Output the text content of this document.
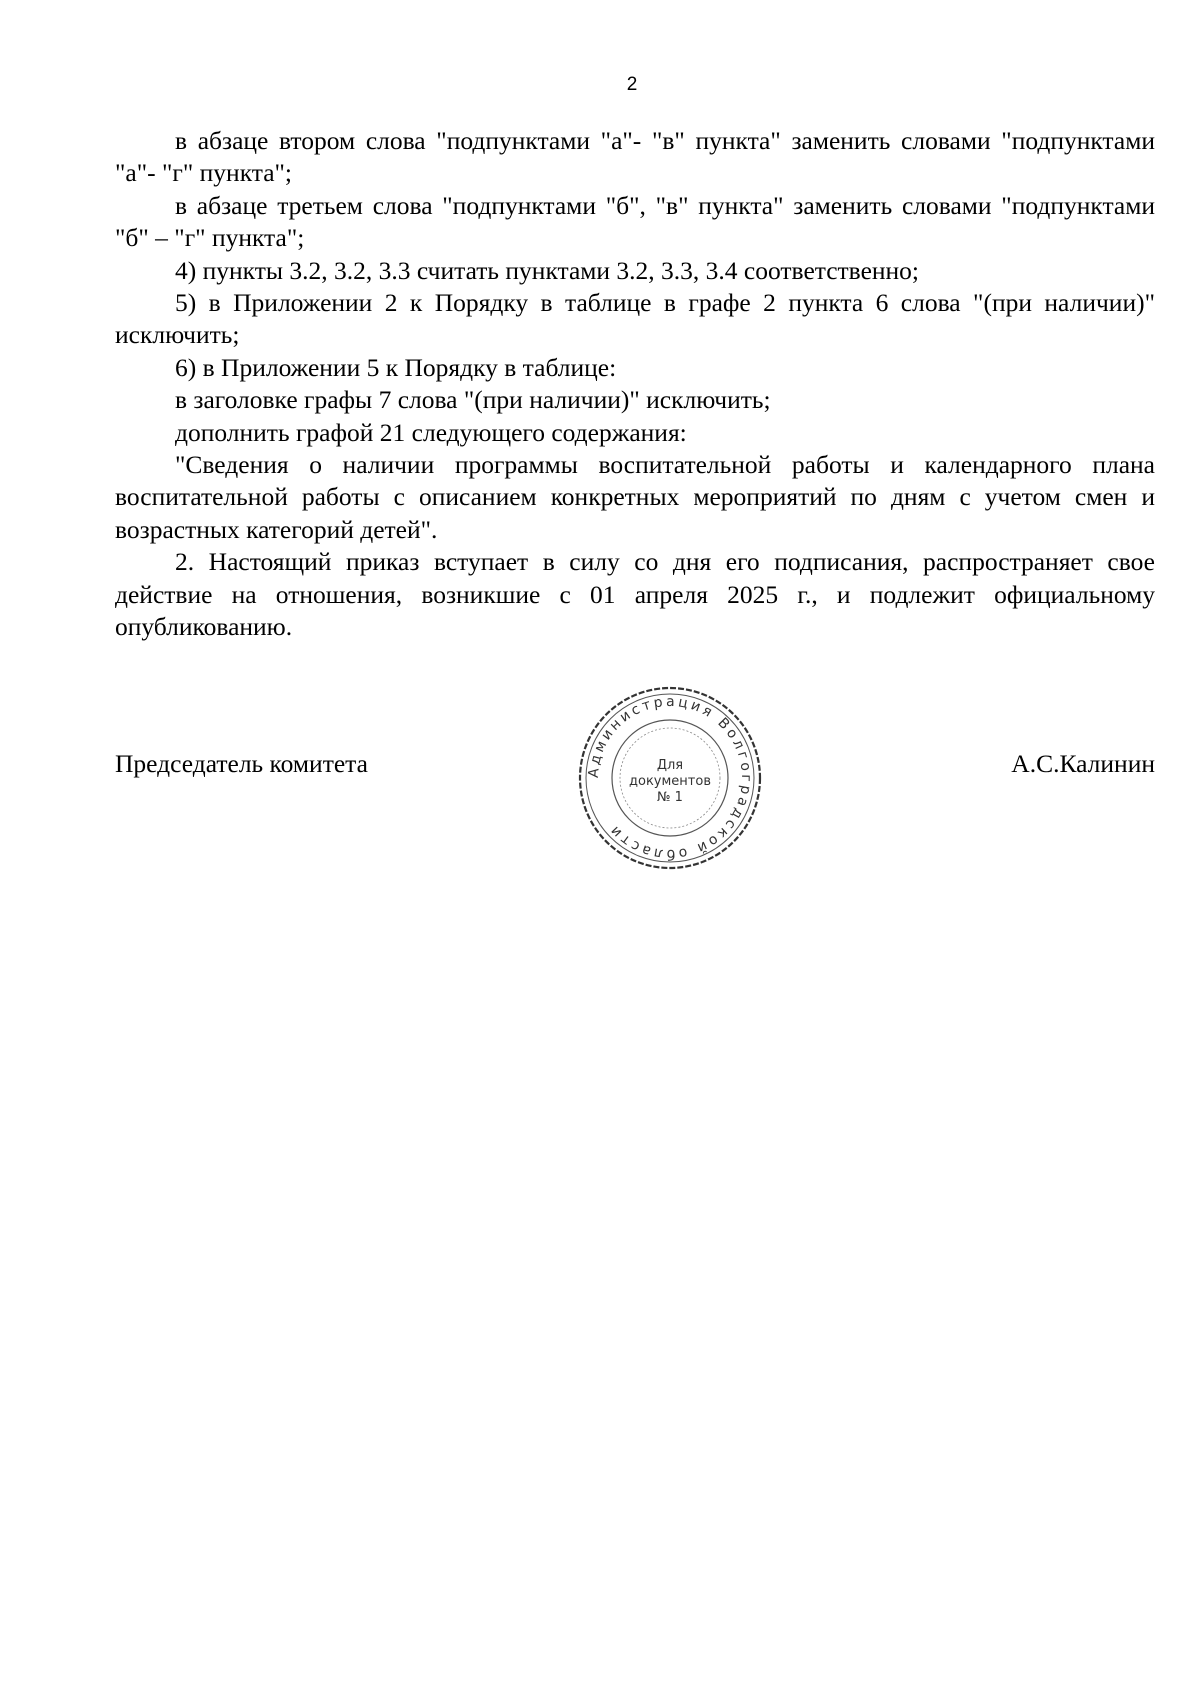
2

в абзаце втором слова "подпунктами "а"- "в" пункта" заменить словами "подпунктами "а"- "г" пункта";

в абзаце третьем слова "подпунктами "б", "в" пункта" заменить словами "подпунктами "б" – "г" пункта";

4) пункты 3.2, 3.2, 3.3 считать пунктами 3.2, 3.3, 3.4 соответственно;

5) в Приложении 2 к Порядку в таблице в графе 2 пункта 6 слова "(при наличии)" исключить;

6) в Приложении 5 к Порядку в таблице:

в заголовке графы 7 слова "(при наличии)" исключить;

дополнить графой 21 следующего содержания:

"Сведения о наличии программы воспитательной работы и календарного плана воспитательной работы с описанием конкретных мероприятий по дням с учетом смен и возрастных категорий детей".

2. Настоящий приказ вступает в силу со дня его подписания, распространяет свое действие на отношения, возникшие с 01 апреля 2025 г., и подлежит официальному опубликованию.

Председатель комитета	А.С.Калинин
Администрация Волгоградской области
Для
документов
№ 1
